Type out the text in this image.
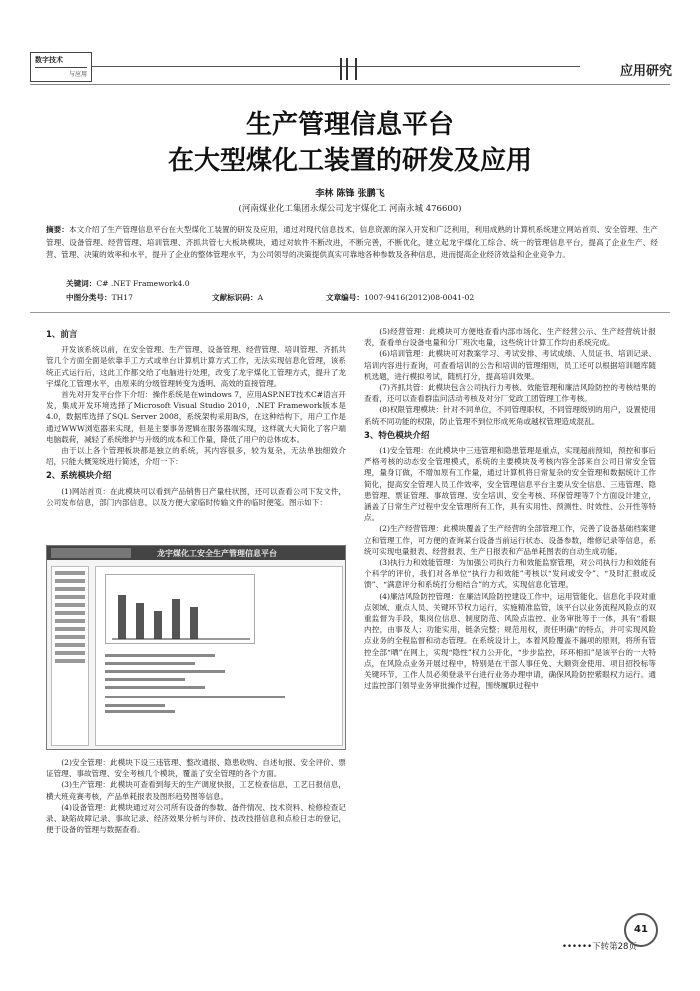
数字技术
与应用	应用研究
生产管理信息平台
在大型煤化工装置的研发及应用
李林 陈锋 张鹏飞
(河南煤业化工集团永煤公司龙宇煤化工 河南永城 476600)
摘要：本文介绍了生产管理信息平台在大型煤化工装置的研发及应用，通过对现代信息技术、信息资源的深入开发和广泛利用，利用成熟的计算机系统建立网站首页、安全管理、生产管理、设备管理、经营管理、培训管理、齐抓共管七大板块模块，通过对软件不断改进，不断完善，不断优化，建立起龙宇煤化工综合、统一的管理信息平台，提高了企业生产、经营、管理、决策的效率和水平，提升了企业的整体管理水平，为公司领导的决策提供真实可靠地各种参数及各种信息，进而提高企业经济效益和企业竞争力。
关键词：C# .NET Framework4.0
中图分类号：TH17	文献标识码：A	文章编号：1007-9416(2012)08-0041-02
1、前言

开发该系统以前，在安全管理、生产管理、设备管理、经营管理、培训管理、齐抓共管几个方面全面是依靠手工方式或单台计算机计算方式工作，无法实现信息化管理，该系统正式运行后，这此工作都交给了电脑进行处理，改变了龙宇煤化工管理方式，提升了龙宇煤化工管理水平，由原来的分级管理转变为透明、高效的直接管理。

首先对开发平台作下介绍：操作系统是在windows 7，应用ASP.NET技术C#语言开发，集成开发环境选择了Microsoft Visual Studio 2010，.NET Framework版本是4.0，数据库选择了SQL Server 2008，系统架构采用B/S，在这种结构下，用户工作是通过WWW浏览器来实现，但是主要事务逻辑在服务器端实现，这样就大大简化了客户端电脑载荷，减轻了系统维护与升级的成本和工作量，降低了用户的总体成本。

由于以上各个管理板块都是独立的系统，其内容很多，较为复杂，无法单独细致介绍，只能大概笼统进行简述，介绍一下：

2、系统模块介绍

(1)网站首页：在此模块可以看到产品销售日产量柱状图，还可以查看公司下发文件，公司发布信息，部门内部信息，以及方便大家临时传输文件的临时便笺。图示如下：

龙宇煤化工安全生产管理信息平台

(2)安全管理：此模块下设三违管理、整改通报、隐患收购、自述旬报、安全评价、票证管理、事故管理、安全考核几个模块，覆盖了安全管理的各个方面。

(3)生产管理：此模块可查看到每天的生产调度快报，工艺检查信息，工艺日报信息，横大班竞赛考核，产品单耗报表及图形趋势图等信息。

(4)设备管理：此模块通过对公司所有设备的参数、备件情况、技术资料、检修检查记录、缺陷故障记录、事故记录、经济效果分析与评价、技改技措信息和点检日志的登记，便于设备的管理与数据查看。

(5)经营管理：此模块可方便地查看内部市场化、生产经营公示、生产经营统计报表，查看单台设备电量和分厂班次电量，这些统计计算工作均由系统完成。

(6)培训管理：此模块可对教案学习、考试安排、考试成绩、人员证书、培训记录、培训内容进行查询，可查看培训的公告和培训的管理细则，员工还可以根据培训题库随机选题，进行模拟考试，随机打分，提高培训效果。

(7)齐抓共管：此模块包含公司执行力考核、效能管理和廉洁风险防控的考核结果的查看，还可以查看群监问活动考核及对分厂党政工团管理工作考核。

(8)权限管理模块：针对不同单位，不同管理职权，不同管理级别的用户，设置使用系统不同功能的权限，防止管理不到位形成死角或越权管理造成混乱。

3、特色模块介绍

(1)安全管理：在此模块中三违管理和隐患管理是重点，实现超前预知，预控和事后严格考核的动态安全管理模式，系统的主要模块及考核内容全部来自公司日常安全管理，量身订做，不增加原有工作量，通过计算机将日常复杂的安全管理和数据统计工作简化，提高安全管理人员工作效率，安全管理信息平台主要从安全信息、三违管理、隐患管理、票证管理、事故管理、安全培训、安全考核、环保管理等7个方面设计建立，涵盖了日常生产过程中安全管理所有工作，具有实用性、预测性、时效性、公开性等特点。

(2)生产经营管理：此模块覆盖了生产经营的全部管理工作，完善了设备基础档案建立和管理工作，可方便的查询某台设备当前运行状态、设备参数，维修记录等信息，系统可实现电量报表、经营报表、生产日报表和产品单耗图表的自动生成功能。

(3)执行力和效能管理：为加强公司执行力和效能监察管理，对公司执行力和效能有个科学的评价，我们对各单位“执行力和效能”考核以“发问或安令”、“及时汇报或反馈”、“满意评分和系统打分相结合”的方式，实现信息化管理。

(4)廉洁风险防控管理：在廉洁风险防控建设工作中，运用管能化、信息化手段对重点领域、重点人员、关键环节权力运行，实施精准监管，该平台以业务流程风险点的双重监督为手段，集岗位信息、制度防范、风险点监控、业务审批等于一体，具有“看眼内控，由事及人；功能实用，链条完整；规范用权，责任明确”的特点，并可实现风险点业务的全程监督和动态管理。在系统设计上，本着风险覆盖不漏项的原则，将所有管控全部“晒”在网上，实现“隐性”权力公开化，“步步监控，环环相扣”是该平台的一大特点，在风险点业务开展过程中，特别是在干部人事任免、大额资金使用、项目招投标等关键环节，工作人员必须登录平台进行业务办理申请，确保风险防控紫眼权力运行。通过监控部门领导业务审批操作过程，围绕履职过程中

••••••下转第28页
41
